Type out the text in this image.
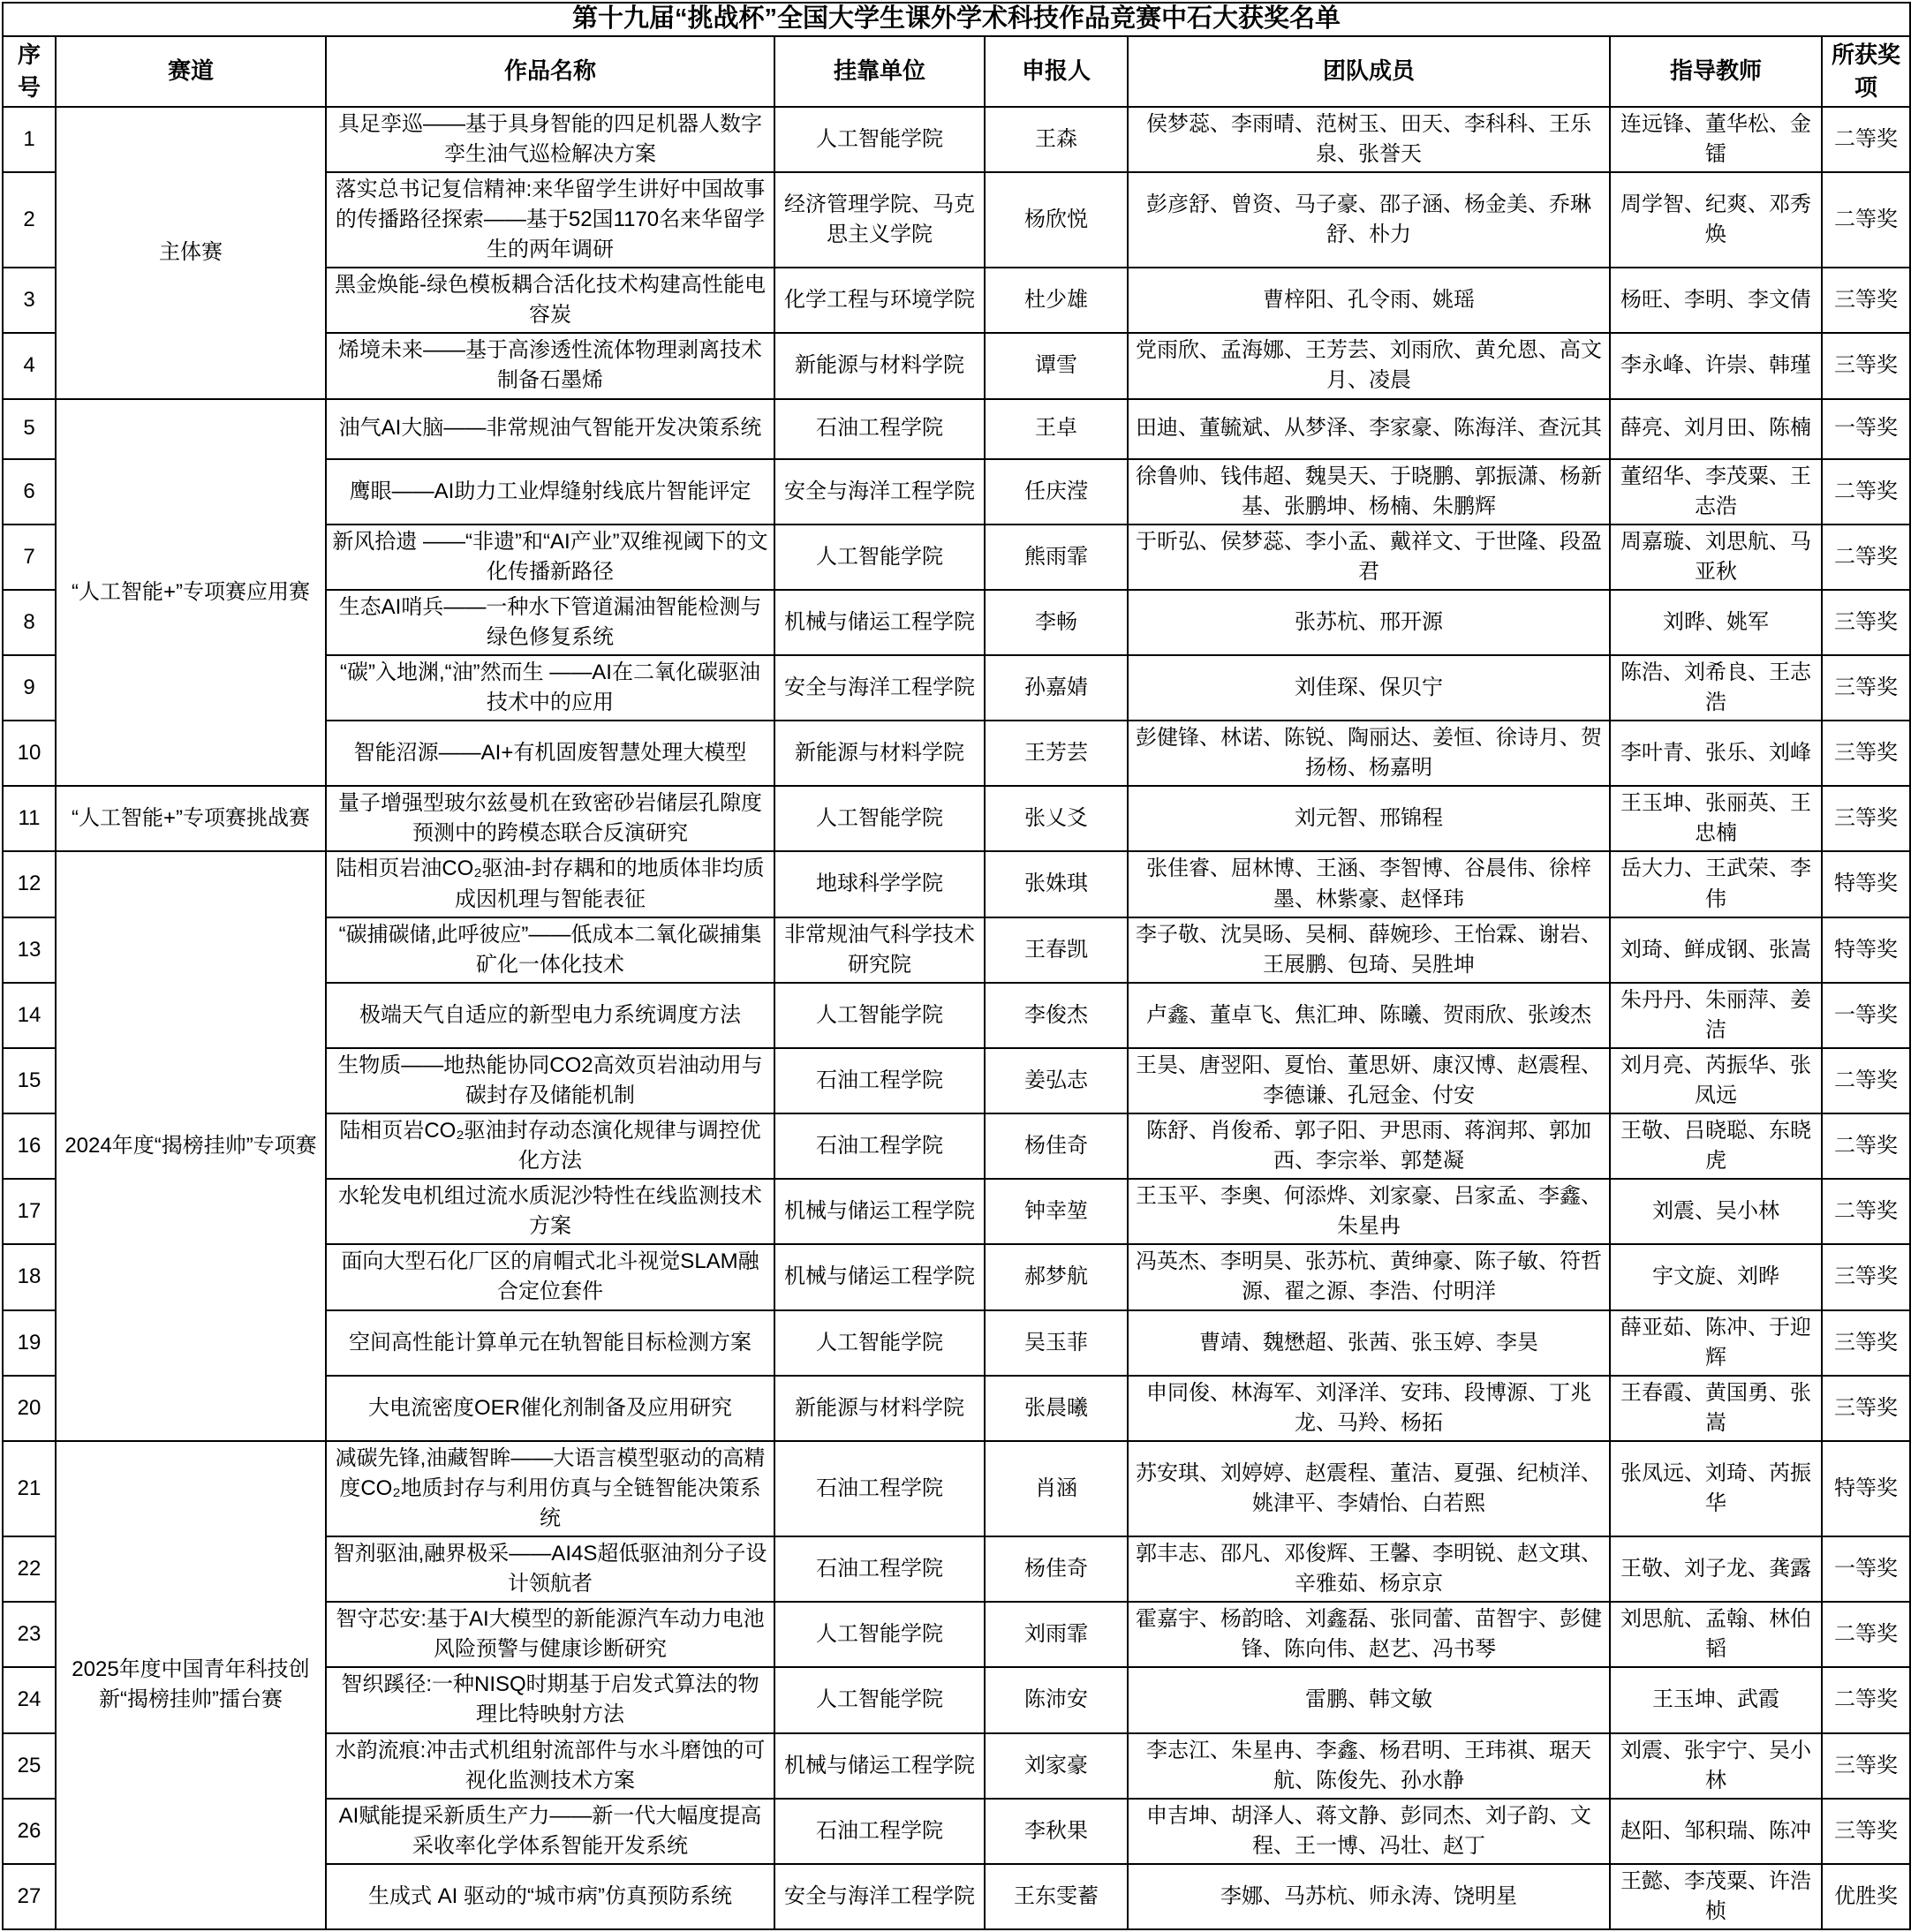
第十九届“挑战杯”全国大学生课外学术科技作品竞赛中石大获奖名单							
序号	赛道	作品名称	挂靠单位	申报人	团队成员	指导教师	所获奖项
1	主体赛	具足孪巡——基于具身智能的四足机器人数字孪生油气巡检解决方案	人工智能学院	王森	侯梦蕊、李雨晴、范树玉、田天、李科科、王乐泉、张誉天	连远锋、董华松、金镭	二等奖
2		落实总书记复信精神:来华留学生讲好中国故事的传播路径探索——基于52国1170名来华留学生的两年调研	经济管理学院、马克思主义学院	杨欣悦	彭彦舒、曾资、马子豪、邵子涵、杨金美、乔琳舒、朴力	周学智、纪爽、邓秀焕	二等奖
3		黑金焕能-绿色模板耦合活化技术构建高性能电容炭	化学工程与环境学院	杜少雄	曹梓阳、孔令雨、姚瑶	杨旺、李明、李文倩	三等奖
4		烯境未来——基于高渗透性流体物理剥离技术制备石墨烯	新能源与材料学院	谭雪	党雨欣、孟海娜、王芳芸、刘雨欣、黄允恩、高文月、凌晨	李永峰、许崇、韩瑾	三等奖
5	“人工智能+”专项赛应用赛	油气AI大脑——非常规油气智能开发决策系统	石油工程学院	王卓	田迪、董毓斌、从梦泽、李家豪、陈海洋、查沅其	薛亮、刘月田、陈楠	一等奖
6		鹰眼——AI助力工业焊缝射线底片智能评定	安全与海洋工程学院	任庆滢	徐鲁帅、钱伟超、魏昊天、于晓鹏、郭振潇、杨新基、张鹏坤、杨楠、朱鹏辉	董绍华、李茂粟、王志浩	二等奖
7		新风拾遗 ——“非遗”和“AI产业”双维视阈下的文化传播新路径	人工智能学院	熊雨霏	于昕弘、侯梦蕊、李小孟、戴祥文、于世隆、段盈君	周嘉璇、刘思航、马亚秋	二等奖
8		生态AI哨兵——一种水下管道漏油智能检测与绿色修复系统	机械与储运工程学院	李畅	张苏杭、邢开源	刘晔、姚军	三等奖
9		“碳”入地渊,“油”然而生 ——AI在二氧化碳驱油技术中的应用	安全与海洋工程学院	孙嘉婧	刘佳琛、保贝宁	陈浩、刘希良、王志浩	三等奖
10		智能沼源——AI+有机固废智慧处理大模型	新能源与材料学院	王芳芸	彭健锋、林诺、陈锐、陶丽达、姜恒、徐诗月、贺扬杨、杨嘉明	李叶青、张乐、刘峰	三等奖
11	“人工智能+”专项赛挑战赛	量子增强型玻尔兹曼机在致密砂岩储层孔隙度预测中的跨模态联合反演研究	人工智能学院	张乂爻	刘元智、邢锦程	王玉坤、张丽英、王忠楠	三等奖
12	2024年度“揭榜挂帅”专项赛	陆相页岩油CO₂驱油-封存耦和的地质体非均质成因机理与智能表征	地球科学学院	张姝琪	张佳睿、屈林博、王涵、李智博、谷晨伟、徐梓墨、林紫豪、赵怿玮	岳大力、王武荣、李伟	特等奖
13		“碳捕碳储,此呼彼应”——低成本二氧化碳捕集矿化一体化技术	非常规油气科学技术研究院	王春凯	李子敬、沈昊旸、吴桐、薛婉珍、王怡霖、谢岩、王展鹏、包琦、吴胜坤	刘琦、鲜成钢、张嵩	特等奖
14		极端天气自适应的新型电力系统调度方法	人工智能学院	李俊杰	卢鑫、董卓飞、焦汇珅、陈曦、贺雨欣、张竣杰	朱丹丹、朱丽萍、姜洁	一等奖
15		生物质——地热能协同CO2高效页岩油动用与碳封存及储能机制	石油工程学院	姜弘志	王昊、唐翌阳、夏怡、董思妍、康汉博、赵震程、李德谦、孔冠金、付安	刘月亮、芮振华、张凤远	二等奖
16		陆相页岩CO₂驱油封存动态演化规律与调控优化方法	石油工程学院	杨佳奇	陈舒、肖俊希、郭子阳、尹思雨、蒋润邦、郭加西、李宗举、郭楚凝	王敬、吕晓聪、东晓虎	二等奖
17		水轮发电机组过流水质泥沙特性在线监测技术方案	机械与储运工程学院	钟幸堃	王玉平、李奥、何添烨、刘家豪、吕家孟、李鑫、朱星冉	刘震、吴小林	二等奖
18		面向大型石化厂区的肩帽式北斗视觉SLAM融合定位套件	机械与储运工程学院	郝梦航	冯英杰、李明昊、张苏杭、黄绅豪、陈子敏、符哲源、翟之源、李浩、付明洋	宇文旋、刘晔	三等奖
19		空间高性能计算单元在轨智能目标检测方案	人工智能学院	吴玉菲	曹靖、魏懋超、张茜、张玉婷、李昊	薛亚茹、陈冲、于迎辉	三等奖
20		大电流密度OER催化剂制备及应用研究	新能源与材料学院	张晨曦	申同俊、林海军、刘泽洋、安玮、段博源、丁兆龙、马羚、杨拓	王春霞、黄国勇、张嵩	三等奖
21	2025年度中国青年科技创新“揭榜挂帅”擂台赛	减碳先锋,油藏智眸——大语言模型驱动的高精度CO₂地质封存与利用仿真与全链智能决策系统	石油工程学院	肖涵	苏安琪、刘婷婷、赵震程、董洁、夏强、纪桢洋、姚津平、李婧怡、白若熙	张凤远、刘琦、芮振华	特等奖
22		智剂驱油,融界极采——AI4S超低驱油剂分子设计领航者	石油工程学院	杨佳奇	郭丰志、邵凡、邓俊辉、王馨、李明锐、赵文琪、辛雅茹、杨京京	王敬、刘子龙、龚露	一等奖
23		智守芯安:基于AI大模型的新能源汽车动力电池风险预警与健康诊断研究	人工智能学院	刘雨霏	霍嘉宇、杨韵晗、刘鑫磊、张同蕾、苗智宇、彭健锋、陈向伟、赵艺、冯书琴	刘思航、孟翰、林伯韬	二等奖
24		智织蹊径:一种NISQ时期基于启发式算法的物理比特映射方法	人工智能学院	陈沛安	雷鹏、韩文敏	王玉坤、武霞	二等奖
25		水韵流痕:冲击式机组射流部件与水斗磨蚀的可视化监测技术方案	机械与储运工程学院	刘家豪	李志江、朱星冉、李鑫、杨君明、王玮祺、琚天航、陈俊先、孙水静	刘震、张宇宁、吴小林	三等奖
26		AI赋能提采新质生产力——新一代大幅度提高采收率化学体系智能开发系统	石油工程学院	李秋果	申吉坤、胡泽人、蒋文静、彭同杰、刘子韵、文程、王一博、冯壮、赵丁	赵阳、邹积瑞、陈冲	三等奖
27		生成式 AI 驱动的“城市病”仿真预防系统	安全与海洋工程学院	王东雯蓄	李娜、马苏杭、师永涛、饶明星	王懿、李茂粟、许浩桢	优胜奖
